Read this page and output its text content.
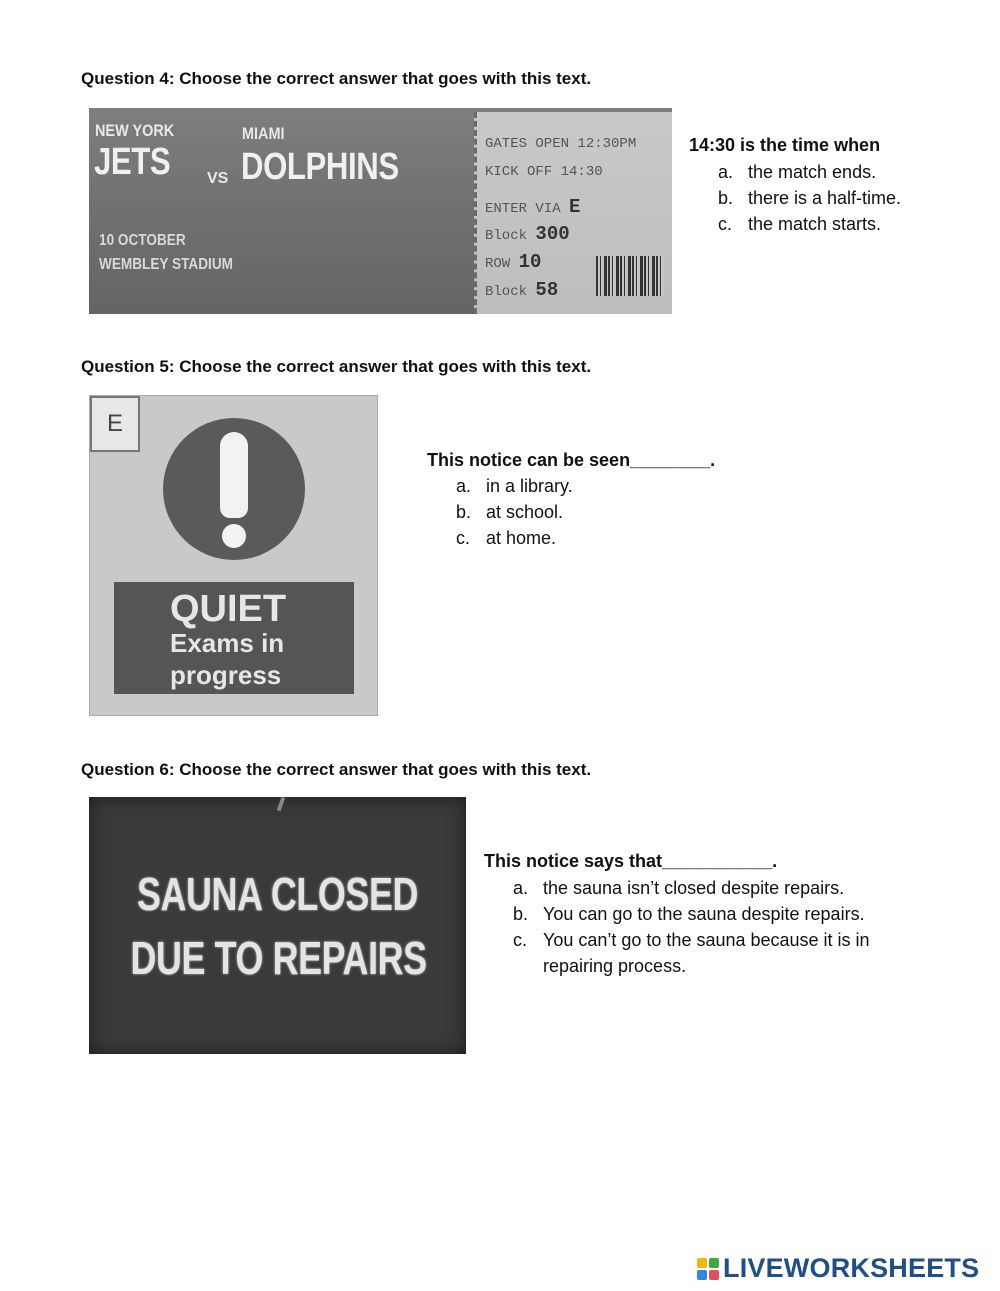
Question 4: Choose the correct answer that goes with this text.
NEW YORK
JETS VS
MIAMI
DOLPHINS
10 OCTOBER
WEMBLEY STADIUM
GATES OPEN 12:30PM
KICK OFF 14:30
ENTER VIA E
Block 300
ROW 10
Block 58
14:30 is the time when
a. the match ends.
b. there is a half-time.
c. the match starts.
Question 5: Choose the correct answer that goes with this text.
E
QUIET
Exams in
progress
This notice can be seen________.
a. in a library.
b. at school.
c. at home.
Question 6: Choose the correct answer that goes with this text.
SAUNA CLOSED
DUE TO REPAIRS
This notice says that___________.
a. the sauna isn’t closed despite repairs.
b. You can go to the sauna despite repairs.
c. You can’t go to the sauna because it is in repairing process.
LIVEWORKSHEETS
